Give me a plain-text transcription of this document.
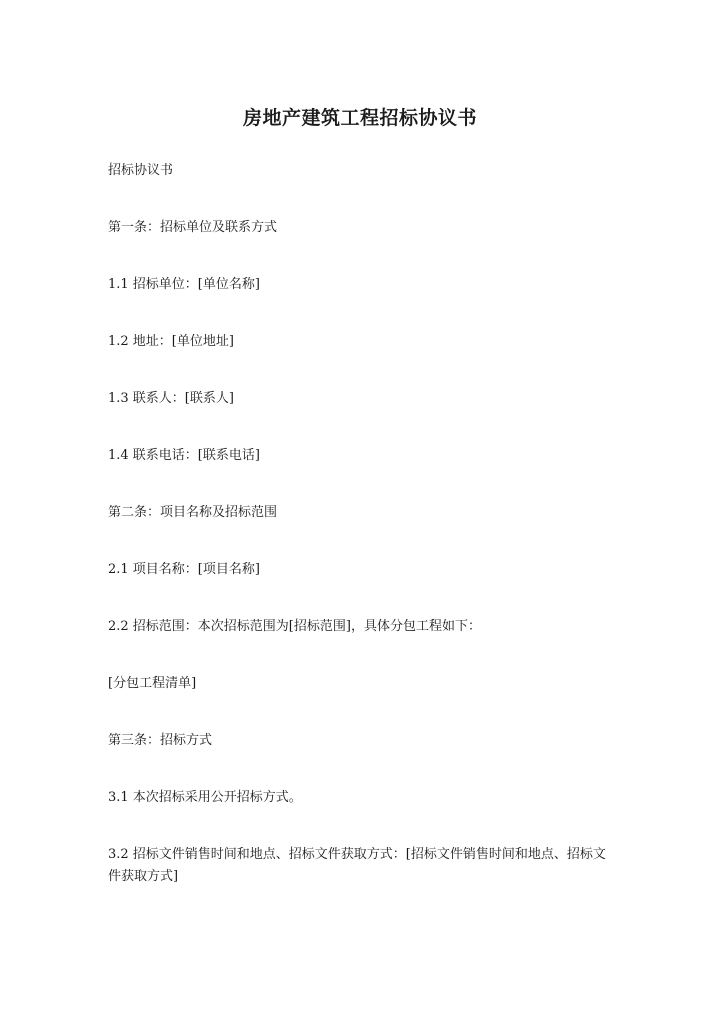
房地产建筑工程招标协议书
招标协议书
第一条：招标单位及联系方式
1.1 招标单位：[单位名称]
1.2 地址：[单位地址]
1.3 联系人：[联系人]
1.4 联系电话：[联系电话]
第二条：项目名称及招标范围
2.1 项目名称：[项目名称]
2.2 招标范围：本次招标范围为[招标范围]，具体分包工程如下：
[分包工程清单]
第三条：招标方式
3.1 本次招标采用公开招标方式。
3.2 招标文件销售时间和地点、招标文件获取方式：[招标文件销售时间和地点、招标文件获取方式]
